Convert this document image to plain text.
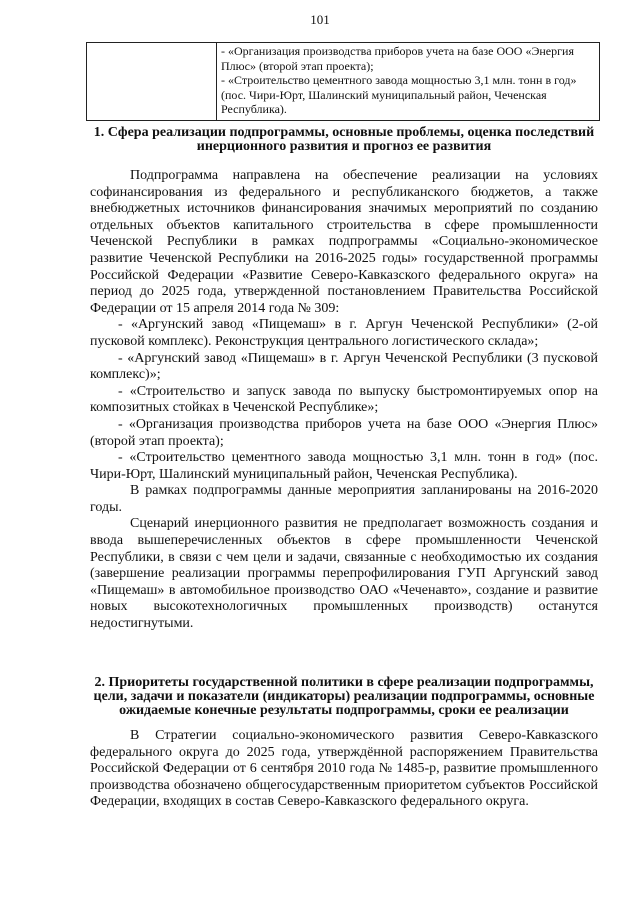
101

- «Организация производства приборов учета на базе ООО «Энергия Плюс» (второй этап проекта);
- «Строительство цементного завода мощностью 3,1 млн. тонн в год» (пос. Чири-Юрт, Шалинский муниципальный район, Чеченская Республика).
1. Сфера реализации подпрограммы, основные проблемы, оценка последствий инерционного развития и прогноз ее развития

Подпрограмма направлена на обеспечение реализации на условиях софинансирования из федерального и республиканского бюджетов, а также внебюджетных источников финансирования значимых мероприятий по созданию отдельных объектов капитального строительства в сфере промышленности Чеченской Республики в рамках подпрограммы «Социально-экономическое развитие Чеченской Республики на 2016-2025 годы» государственной программы Российской Федерации «Развитие Северо-Кавказского федерального округа» на период до 2025 года, утвержденной постановлением Правительства Российской Федерации от 15 апреля 2014 года № 309:

- «Аргунский завод «Пищемаш» в г. Аргун Чеченской Республики» (2-ой пусковой комплекс). Реконструкция центрального логистического склада»;

- «Аргунский завод «Пищемаш» в г. Аргун Чеченской Республики (3 пусковой комплекс)»;

- «Строительство и запуск завода по выпуску быстромонтируемых опор на композитных стойках в Чеченской Республике»;

- «Организация производства приборов учета на базе ООО «Энергия Плюс» (второй этап проекта);

- «Строительство цементного завода мощностью 3,1 млн. тонн в год» (пос. Чири-Юрт, Шалинский муниципальный район, Чеченская Республика).

В рамках подпрограммы данные мероприятия запланированы на 2016-2020 годы.

Сценарий инерционного развития не предполагает возможность создания и ввода вышеперечисленных объектов в сфере промышленности Чеченской Республики, в связи с чем цели и задачи, связанные с необходимостью их создания (завершение реализации программы перепрофилирования ГУП Аргунский завод «Пищемаш» в автомобильное производство ОАО «Чеченавто», создание и развитие новых высокотехнологичных промышленных производств) останутся недостигнутыми.

2. Приоритеты государственной политики в сфере реализации подпрограммы, цели, задачи и показатели (индикаторы) реализации подпрограммы, основные ожидаемые конечные результаты подпрограммы, сроки ее реализации

В Стратегии социально-экономического развития Северо-Кавказского федерального округа до 2025 года, утверждённой распоряжением Правительства Российской Федерации от 6 сентября 2010 года № 1485-р, развитие промышленного производства обозначено общегосударственным приоритетом субъектов Российской Федерации, входящих в состав Северо-Кавказского федерального округа.
